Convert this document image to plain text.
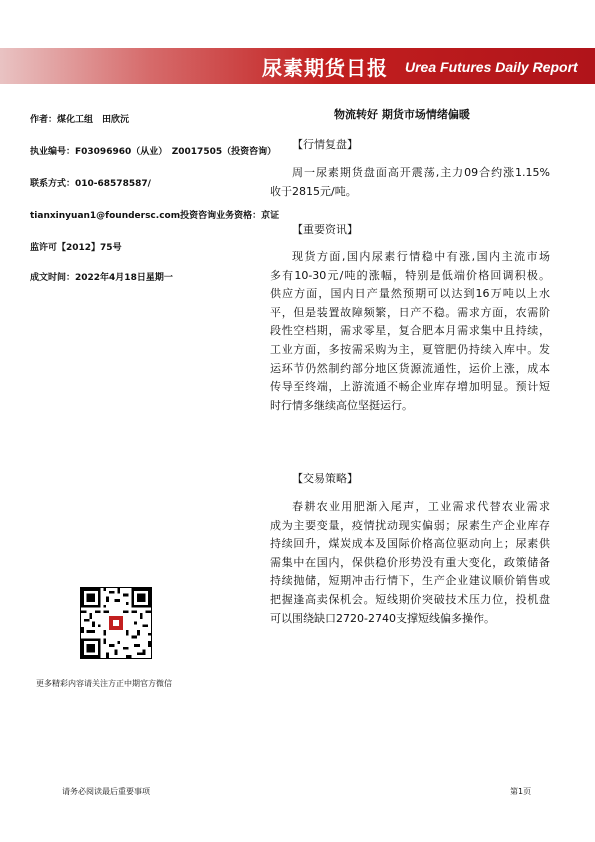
尿素期货日报 Urea Futures Daily Report
作者：煤化工组　田欣沅
执业编号：F03096960（从业）　Z0017505（投资咨询）
联系方式：010-68578587/
tianxinyuan1@foundersc.com投资咨询业务资格：京证
监许可【2012】75号
成文时间：2022年4月18日星期一
更多精彩内容请关注方正中期官方微信
物流转好 期货市场情绪偏暖
【行情复盘】
周一尿素期货盘面高开震荡,主力09合约涨1.15%
收于2815元/吨。
【重要资讯】
现货方面,国内尿素行情稳中有涨,国内主流市场
多有10-30元/吨的涨幅，特别是低端价格回调积极。
供应方面，国内日产量然预期可以达到16万吨以上水
平，但是装置故障频繁，日产不稳。需求方面，农需阶
段性空档期，需求零星，复合肥本月需求集中且持续，
工业方面，多按需采购为主，夏管肥仍持续入库中。发
运环节仍然制约部分地区货源流通性，运价上涨，成本
传导至终端，上游流通不畅企业库存增加明显。预计短
时行情多继续高位坚挺运行。
【交易策略】
春耕农业用肥渐入尾声，工业需求代替农业需求
成为主要变量，疫情扰动现实偏弱；尿素生产企业库存
持续回升，煤炭成本及国际价格高位驱动向上；尿素供
需集中在国内，保供稳价形势没有重大变化，政策储备
持续抛储，短期冲击行情下，生产企业建议顺价销售或
把握逢高卖保机会。短线期价突破技术压力位，投机盘
可以围绕缺口2720-2740支撑短线偏多操作。
请务必阅读最后重要事项	第1页
